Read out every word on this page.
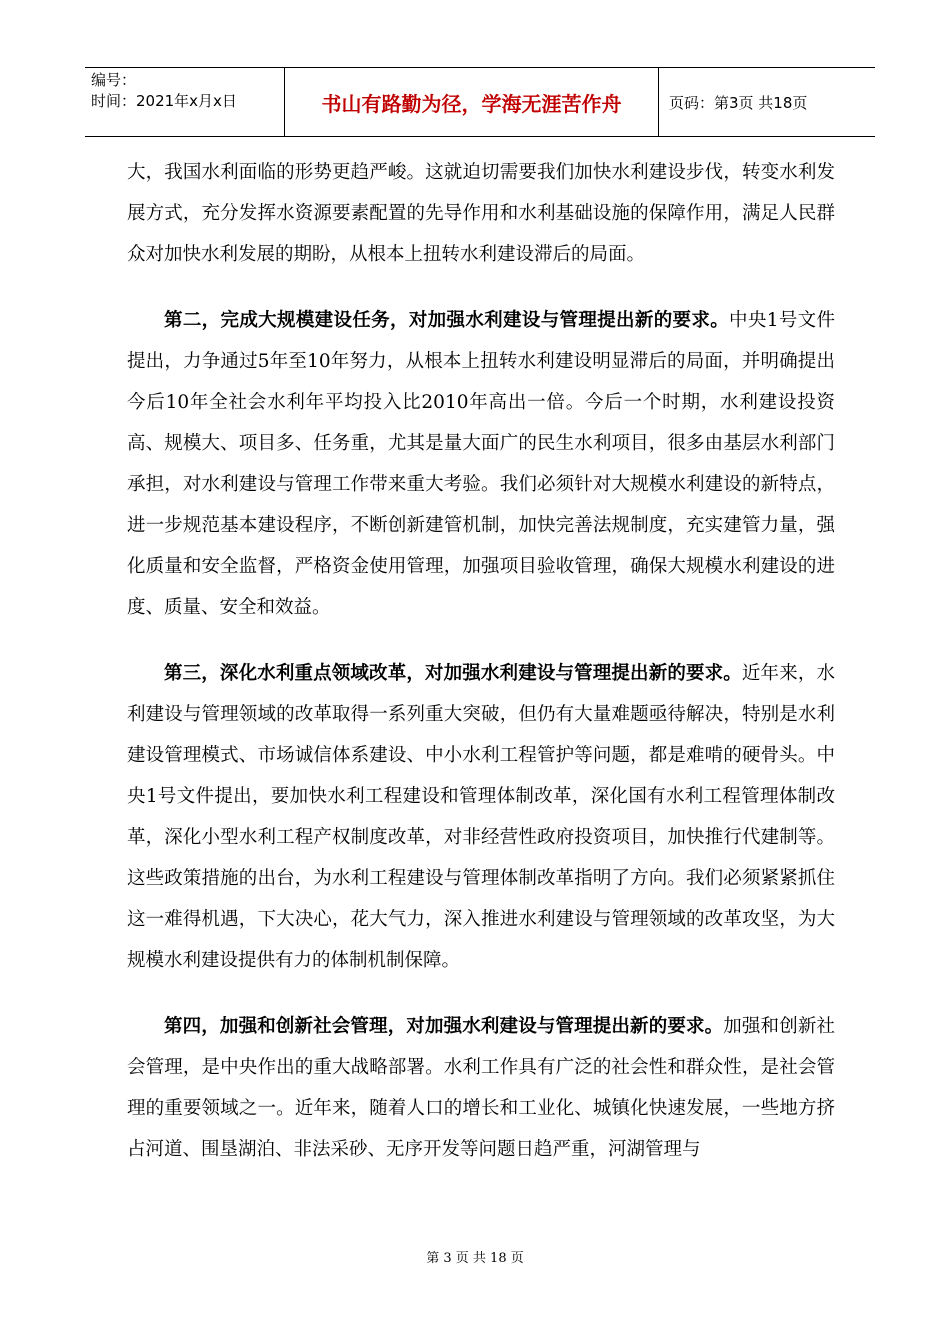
编号：
时间：2021年x月x日	书山有路勤为径，学海无涯苦作舟	页码：第3页 共18页

大，我国水利面临的形势更趋严峻。这就迫切需要我们加快水利建设步伐，转变水利发展方式，充分发挥水资源要素配置的先导作用和水利基础设施的保障作用，满足人民群众对加快水利发展的期盼，从根本上扭转水利建设滞后的局面。

第二，完成大规模建设任务，对加强水利建设与管理提出新的要求。中央1号文件提出，力争通过5年至10年努力，从根本上扭转水利建设明显滞后的局面，并明确提出今后10年全社会水利年平均投入比2010年高出一倍。今后一个时期，水利建设投资高、规模大、项目多、任务重，尤其是量大面广的民生水利项目，很多由基层水利部门承担，对水利建设与管理工作带来重大考验。我们必须针对大规模水利建设的新特点，进一步规范基本建设程序，不断创新建管机制，加快完善法规制度，充实建管力量，强化质量和安全监督，严格资金使用管理，加强项目验收管理，确保大规模水利建设的进度、质量、安全和效益。

第三，深化水利重点领域改革，对加强水利建设与管理提出新的要求。近年来，水利建设与管理领域的改革取得一系列重大突破，但仍有大量难题亟待解决，特别是水利建设管理模式、市场诚信体系建设、中小水利工程管护等问题，都是难啃的硬骨头。中央1号文件提出，要加快水利工程建设和管理体制改革，深化国有水利工程管理体制改革，深化小型水利工程产权制度改革，对非经营性政府投资项目，加快推行代建制等。这些政策措施的出台，为水利工程建设与管理体制改革指明了方向。我们必须紧紧抓住这一难得机遇，下大决心，花大气力，深入推进水利建设与管理领域的改革攻坚，为大规模水利建设提供有力的体制机制保障。

第四，加强和创新社会管理，对加强水利建设与管理提出新的要求。加强和创新社会管理，是中央作出的重大战略部署。水利工作具有广泛的社会性和群众性，是社会管理的重要领域之一。近年来，随着人口的增长和工业化、城镇化快速发展，一些地方挤占河道、围垦湖泊、非法采砂、无序开发等问题日趋严重，河湖管理与

第 3 页 共 18 页
